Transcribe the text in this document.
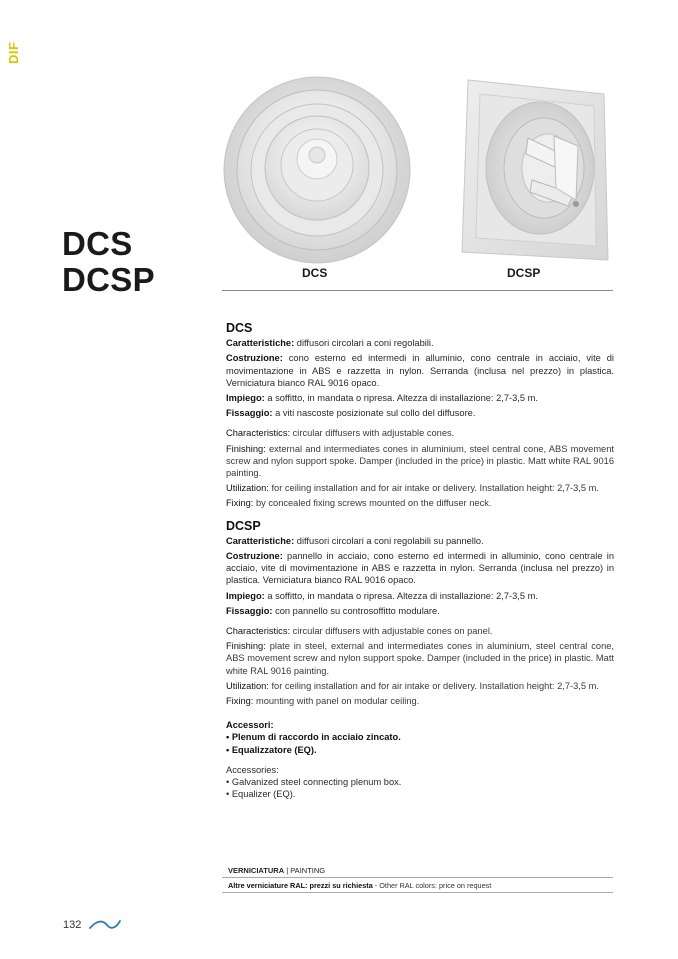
DIF
DCS
DCSP	DCS	DCSP
DCS
Caratteristiche: diffusori circolari a coni regolabili.
Costruzione: cono esterno ed intermedi in alluminio, cono centrale in acciaio, vite di movimentazione in ABS e razzetta in nylon. Serranda (inclusa nel prezzo) in plastica. Verniciatura bianco RAL 9016 opaco.
Impiego: a soffitto, in mandata o ripresa. Altezza di installazione: 2,7-3,5 m.
Fissaggio: a viti nascoste posizionate sul collo del diffusore.
Characteristics: circular diffusers with adjustable cones.
Finishing: external and intermediates cones in aluminium, steel central cone, ABS movement screw and nylon support spoke. Damper (included in the price) in plastic. Matt white RAL 9016 painting.
Utilization: for ceiling installation and for air intake or delivery. Installation height: 2,7-3,5 m.
Fixing: by concealed fixing screws mounted on the diffuser neck.
DCSP
Caratteristiche: diffusori circolari a coni regolabili su pannello.
Costruzione: pannello in acciaio, cono esterno ed intermedi in alluminio, cono centrale in acciaio, vite di movimentazione in ABS e razzetta in nylon. Serranda (inclusa nel prezzo) in plastica. Verniciatura bianco RAL 9016 opaco.
Impiego: a soffitto, in mandata o ripresa. Altezza di installazione: 2,7-3,5 m.
Fissaggio: con pannello su controsoffitto modulare.
Characteristics: circular diffusers with adjustable cones on panel.
Finishing: plate in steel, external and intermediates cones in aluminium, steel central cone, ABS movement screw and nylon support spoke. Damper (included in the price) in plastic. Matt white RAL 9016 painting.
Utilization: for ceiling installation and for air intake or delivery. Installation height: 2,7-3,5 m.
Fixing: mounting with panel on modular ceiling.
Accessori:
• Plenum di raccordo in acciaio zincato.
• Equalizzatore (EQ).
Accessories:
• Galvanized steel connecting plenum box.
• Equalizer (EQ).
VERNICIATURA | PAINTING
Altre verniciature RAL: prezzi su richiesta - Other RAL colors: price on request
132
